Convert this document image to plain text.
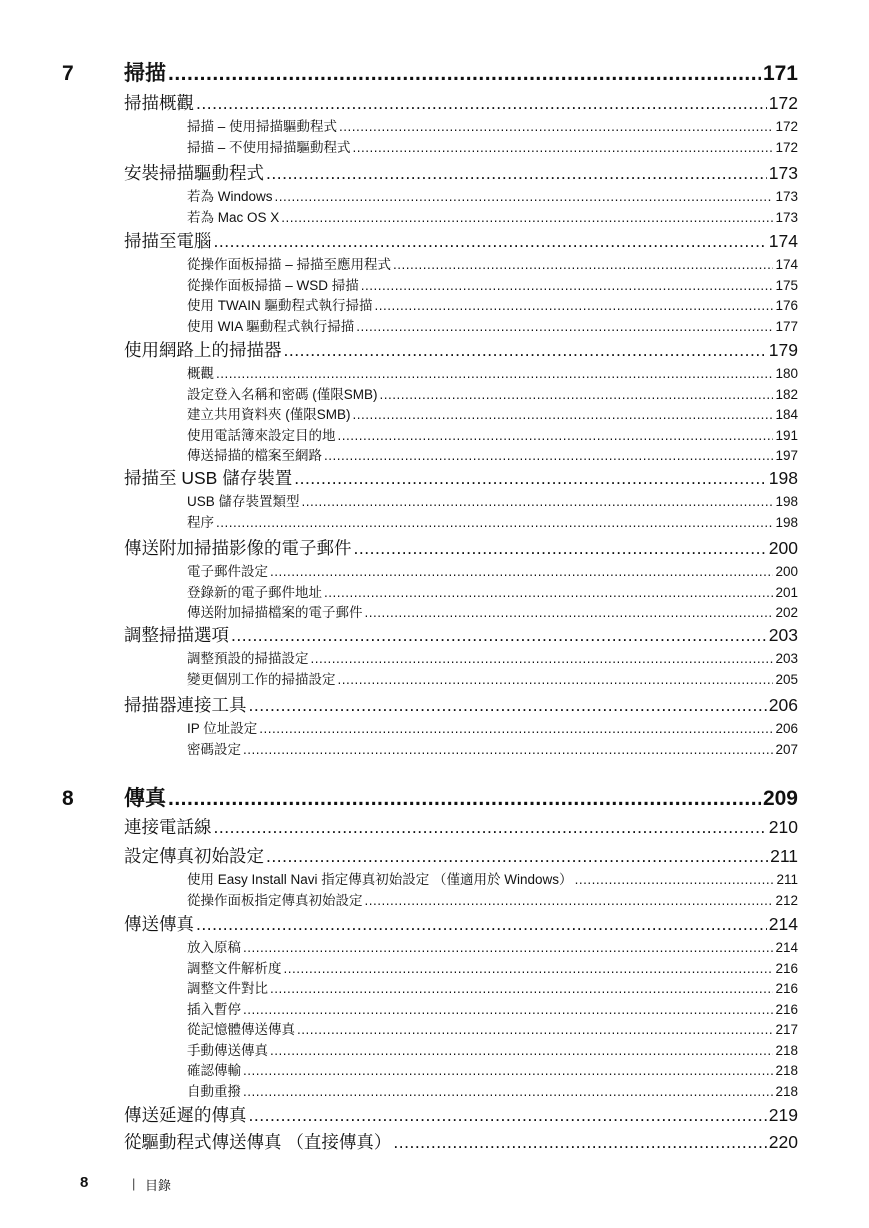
7 掃描 .....	171
掃描概觀 .....	172
掃描 – 使用掃描驅動程式 .....	172
掃描 – 不使用掃描驅動程式 .....	172
安裝掃描驅動程式 .....	173
若為 Windows .....	173
若為 Mac OS X .....	173
掃描至電腦 .....	174
從操作面板掃描 – 掃描至應用程式 .....	174
從操作面板掃描 – WSD 掃描 .....	175
使用 TWAIN 驅動程式執行掃描 .....	176
使用 WIA 驅動程式執行掃描 .....	177
使用網路上的掃描器 .....	179
概觀 .....	180
設定登入名稱和密碼 (僅限SMB) .....	182
建立共用資料夾 (僅限SMB) .....	184
使用電話簿來設定目的地 .....	191
傳送掃描的檔案至網路 .....	197
掃描至 USB 儲存裝置 .....	198
USB 儲存裝置類型 .....	198
程序 .....	198
傳送附加掃描影像的電子郵件 .....	200
電子郵件設定 .....	200
登錄新的電子郵件地址 .....	201
傳送附加掃描檔案的電子郵件 .....	202
調整掃描選項 .....	203
調整預設的掃描設定 .....	203
變更個別工作的掃描設定 .....	205
掃描器連接工具 .....	206
IP 位址設定 .....	206
密碼設定 .....	207
8 傳真 .....	209
連接電話線 .....	210
設定傳真初始設定 .....	211
使用 Easy Install Navi 指定傳真初始設定 （僅適用於 Windows） .....	211
從操作面板指定傳真初始設定 .....	212
傳送傳真 .....	214
放入原稿 .....	214
調整文件解析度 .....	216
調整文件對比 .....	216
插入暫停 .....	216
從記憶體傳送傳真 .....	217
手動傳送傳真 .....	218
確認傳輸 .....	218
自動重撥 .....	218
傳送延遲的傳真 .....	219
從驅動程式傳送傳真 （直接傳真） .....	220
8	| 目錄
